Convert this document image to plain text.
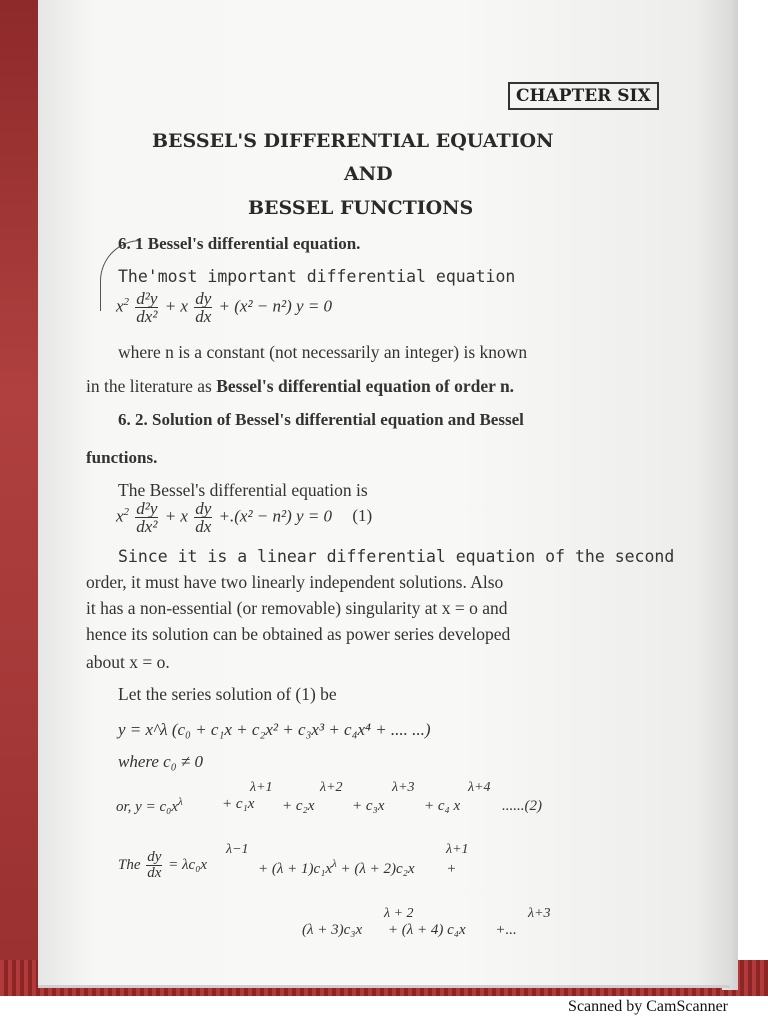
CHAPTER SIX
BESSEL'S DIFFERENTIAL EQUATION
AND
BESSEL FUNCTIONS
6. 1 Bessel's differential equation.
The'most important differential equation
$x^2 \frac{\text{d²y}}{\text{dx²}} + x \frac{dy}{dx} + (x^2 - n^2) y = 0$
where n is a constant (not necessarily an integer) is known
in the literature as Bessel's differential equation of order n.
6. 2. Solution of Bessel's differential equation and Bessel
functions.
The Bessel's differential equation is
$x^2 \frac{\text{d²y}}{\text{dx²}} + x \frac{dy}{dx} +.(x^2 - n^2) y = 0$ (1)
Since it is a linear differential equation of the second
order, it must have two linearly independent solutions. Also
it has a non-essential (or removable) singularity at x = o and
hence its solution can be obtained as power series developed
about x = o.
Let the series solution of (1) be
y = x^λ (c₀ + c₁x + c₂x² + c₃x³ + c₄x⁴ + .... ...)
where c₀ ≠ 0
λ+1	λ+2	λ+3	λ+4
or, $y = c_0x^\lambda$	+ c₁x + c₂x	+ c₃x	+ c₄ x	......(2)
λ−1	λ+1
The $\frac{dy}{dx} = \lambda c_0x$	+ $(\lambda + 1)c_1x^\lambda + (\lambda + 2)c_2x$ +
λ + 2	λ+3
(λ + 3)c₃x + (λ + 4) c₄x +...
Scanned by CamScanner
